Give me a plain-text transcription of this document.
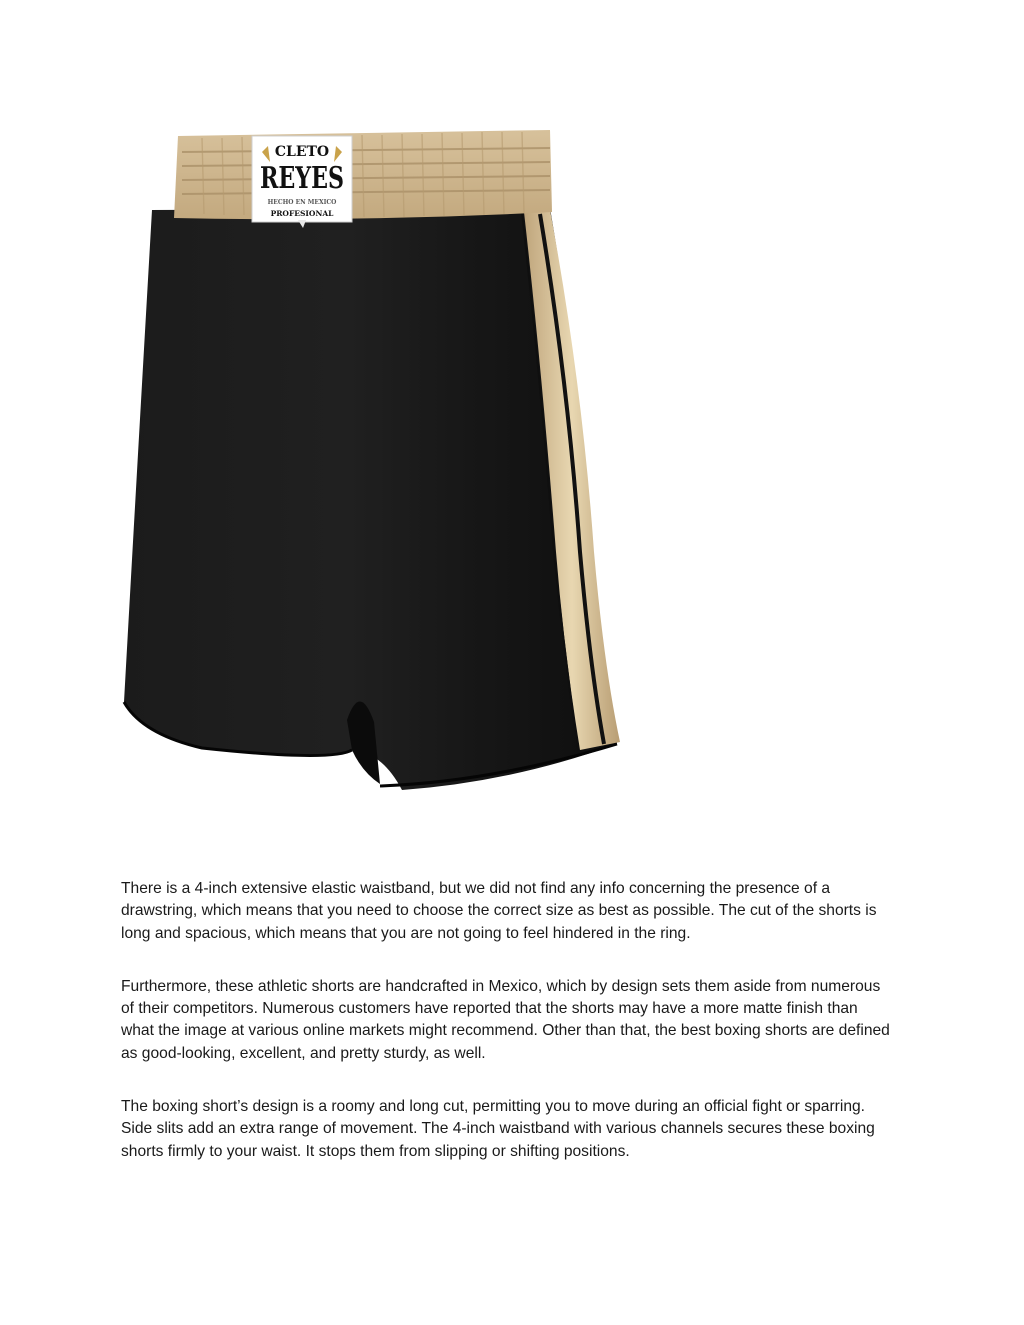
CLETO
REYES
HECHO EN MEXICO
PROFESIONAL

There is a 4-inch extensive elastic waistband, but we did not find any info concerning the presence of a drawstring, which means that you need to choose the correct size as best as possible. The cut of the shorts is long and spacious, which means that you are not going to feel hindered in the ring.

Furthermore, these athletic shorts are handcrafted in Mexico, which by design sets them aside from numerous of their competitors. Numerous customers have reported that the shorts may have a more matte finish than what the image at various online markets might recommend. Other than that, the best boxing shorts are defined as good-looking, excellent, and pretty sturdy, as well.

The boxing short’s design is a roomy and long cut, permitting you to move during an official fight or sparring. Side slits add an extra range of movement. The 4-inch waistband with various channels secures these boxing shorts firmly to your waist. It stops them from slipping or shifting positions.
